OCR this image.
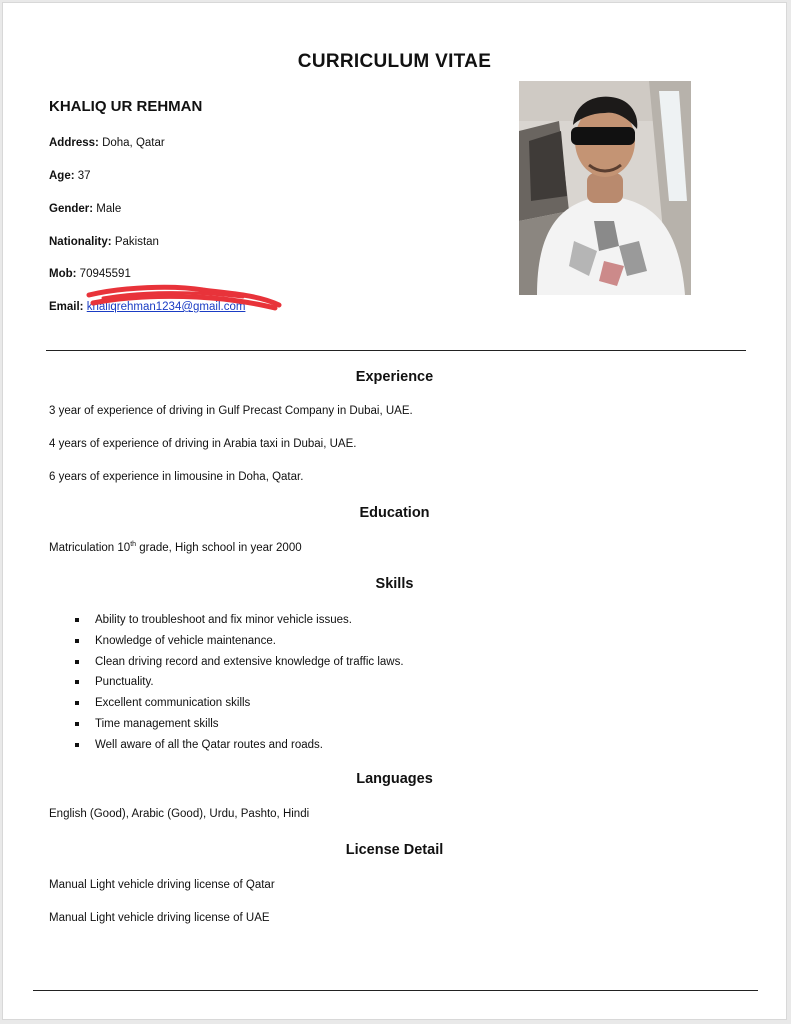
CURRICULUM VITAE
KHALIQ UR REHMAN
Address: Doha, Qatar
Age: 37
Gender: Male
Nationality: Pakistan
Mob: 70945591
Email: khaliqrehman1234@gmail.com
Experience
3 year of experience of driving in Gulf Precast Company in Dubai, UAE.
4 years of experience of driving in Arabia taxi in Dubai, UAE.
6 years of experience in limousine in Doha, Qatar.
Education
Matriculation 10th grade, High school in year 2000
Skills
Ability to troubleshoot and fix minor vehicle issues.
Knowledge of vehicle maintenance.
Clean driving record and extensive knowledge of traffic laws.
Punctuality.
Excellent communication skills
Time management skills
Well aware of all the Qatar routes and roads.
Languages
English (Good), Arabic (Good), Urdu, Pashto, Hindi
License Detail
Manual Light vehicle driving license of Qatar
Manual Light vehicle driving license of UAE
